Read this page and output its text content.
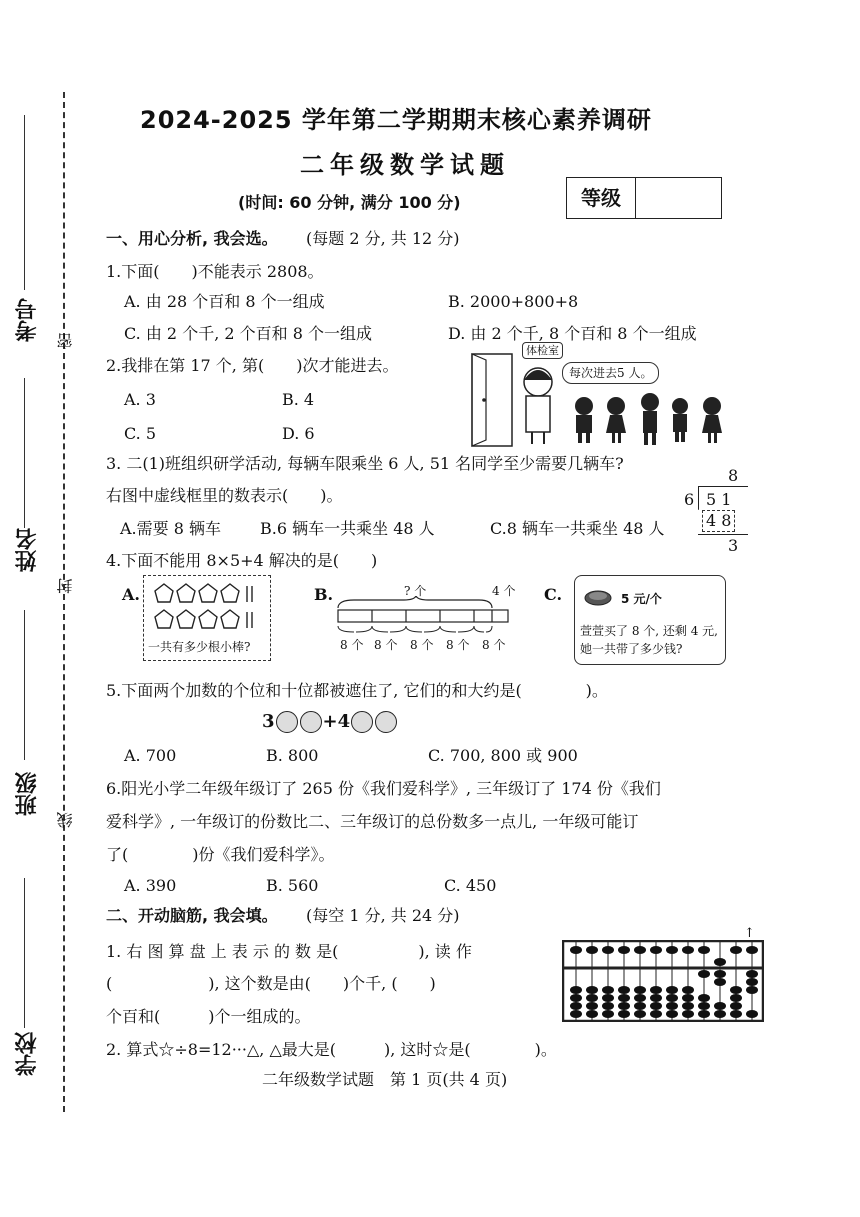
考号
姓名
班级
学校
密
封
线
2024-2025 学年第二学期期末核心素养调研
二年级数学试题
(时间: 60 分钟, 满分 100 分)	等级
一、用心分析, 我会选。 (每题 2 分, 共 12 分)
1.下面(　　)不能表示 2808。
A. 由 28 个百和 8 个一组成	B. 2000+800+8
C. 由 2 个千, 2 个百和 8 个一组成	D. 由 2 个千, 8 个百和 8 个一组成
2.我排在第 17 个, 第(　　)次才能进去。
A. 3	B. 4
C. 5	D. 6
体检室
每次进去5 人。
3. 二(1)班组织研学活动, 每辆车限乘坐 6 人, 51 名同学至少需要几辆车?
右图中虚线框里的数表示(　　)。
A.需要 8 辆车 B.6 辆车一共乘坐 48 人	C.8 辆车一共乘坐 48 人
8
6 5 1
4 8
3
4.下面不能用 8×5+4 解决的是(　　)
A.
一共有多少根小棒?
B.	? 个	4 个
8 个 8 个 8 个 8 个 8 个
C.	5 元/个
萱萱买了 8 个, 还剩 4 元,
她一共带了多少钱?
5.下面两个加数的个位和十位都被遮住了, 它们的和大约是(　　　　)。
3	+4
A. 700	B. 800	C. 700, 800 或 900
6.阳光小学二年级年级订了 265 份《我们爱科学》, 三年级订了 174 份《我们
爱科学》, 一年级订的份数比二、三年级订的总份数多一点儿, 一年级可能订
了(　　　　)份《我们爱科学》。
A. 390	B. 560	C. 450
二、开动脑筋, 我会填。 (每空 1 分, 共 24 分)
1. 右 图 算 盘 上 表 示 的 数 是(　　　　　), 读 作
(　　　　　　), 这个数是由(　　)个千, (　　)
个百和(　　　)个一组成的。
↑
2. 算式☆÷8=12···△, △最大是(　　　), 这时☆是(　　　　)。
二年级数学试题　第 1 页(共 4 页)
